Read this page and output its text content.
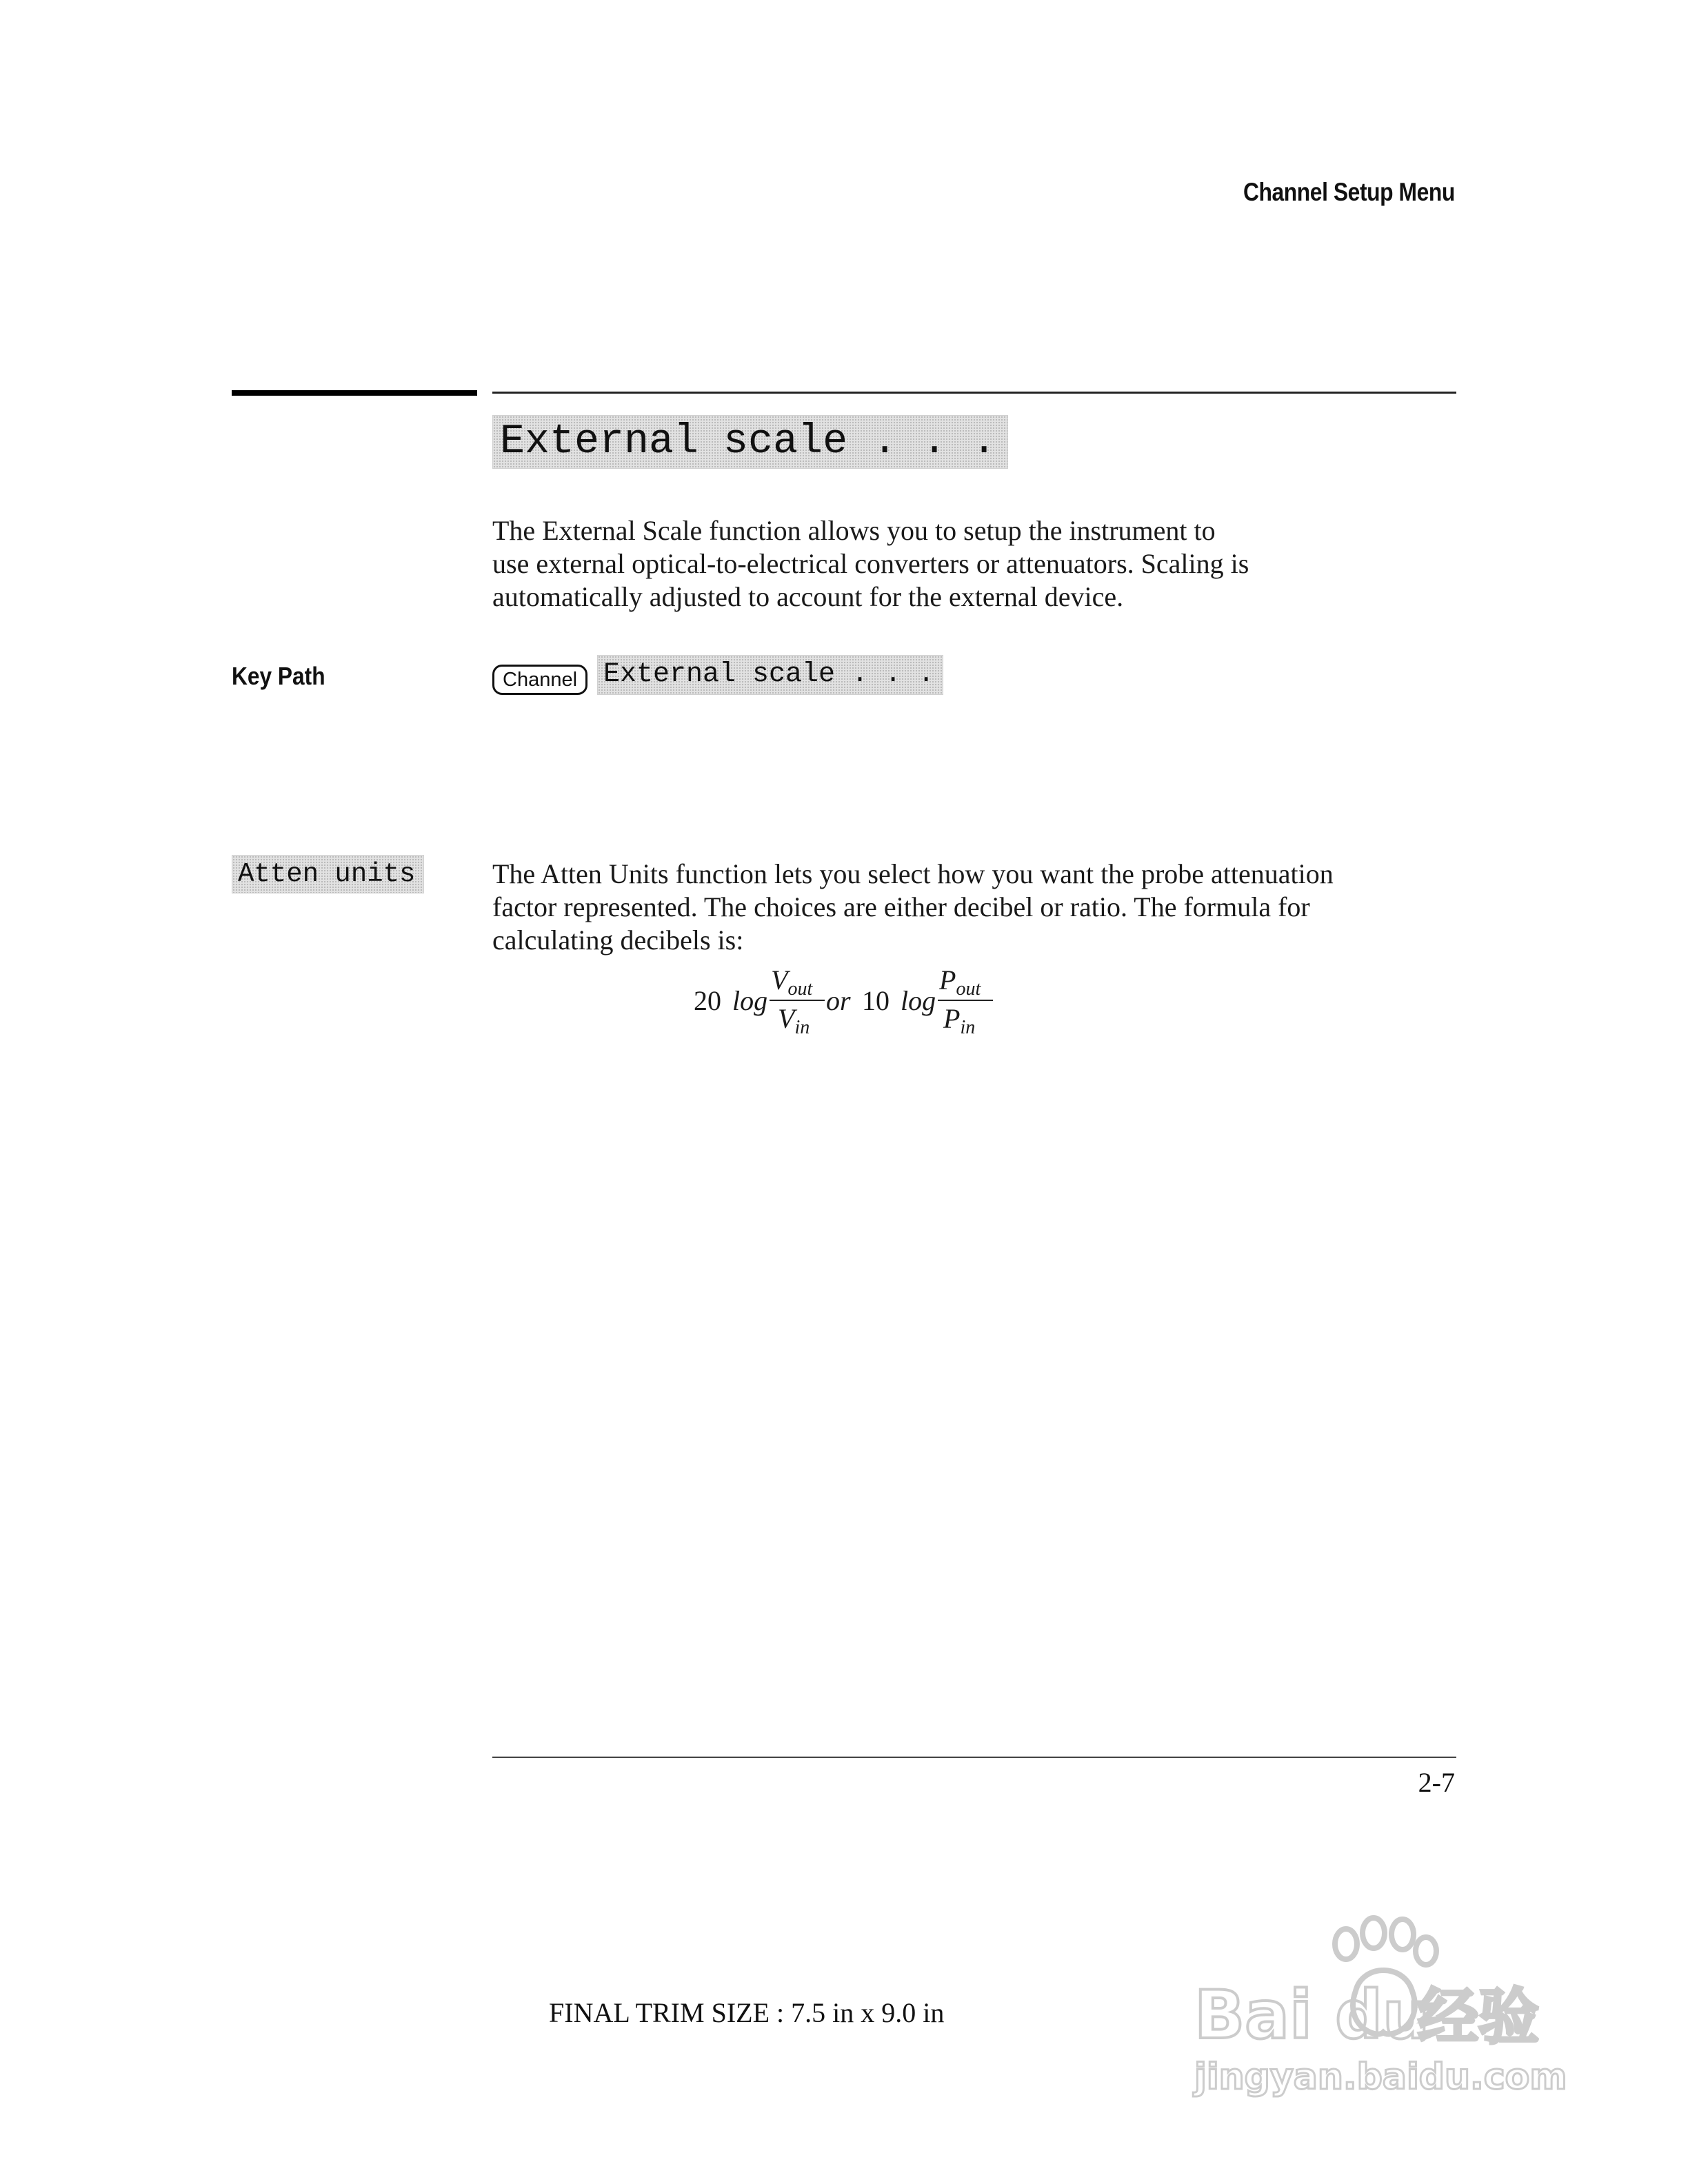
Channel Setup Menu
External scale . . .
The External Scale function allows you to setup the instrument to
use external optical-to-electrical converters or attenuators. Scaling is
automatically adjusted to account for the external device.
Key Path	Channel External scale . . .
Atten units	The Atten Units function lets you select how you want the probe attenuation
factor represented. The choices are either decibel or ratio. The formula for
calculating decibels is:
20 log
$V_{out}$
$V_{in}$
or 10 log
$P_{out}$
$P_{in}$
2-7
FINAL TRIM SIZE : 7.5 in x 9.0 in	Bai du
经验
jingyan.baidu.com
